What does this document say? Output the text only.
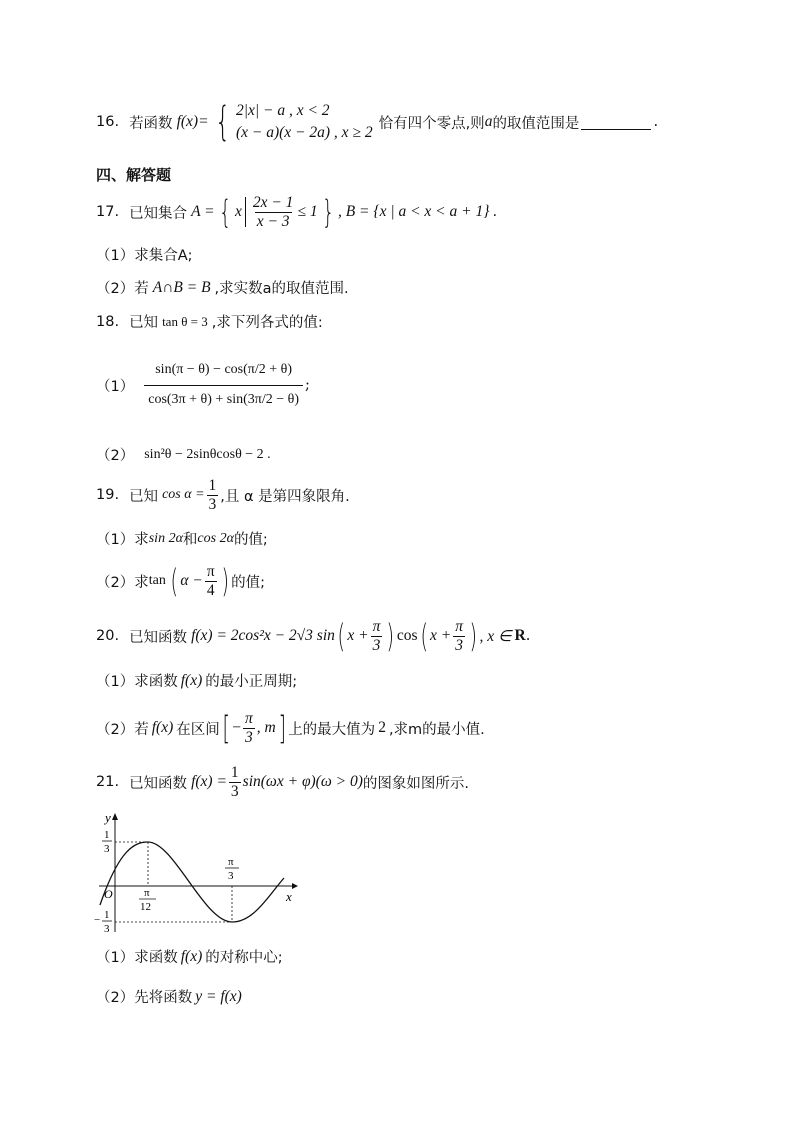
16. 若函数 f(x)= { 2|x| − a , x < 2
(x − a)(x − 2a) , x ≥ 2
恰有四个零点,则 a 的取值范围是	.
四、解答题
17. 已知集合 A = { x $\frac{2x - 1}{x - 3} \le 1$ } , B = {x | a < x < a + 1} .
（1）求集合A;
（2）若 A∩B = B ,求实数a的取值范围.
18. 已知 tan θ = 3 ,求下列各式的值:
$(1) \frac{\sin(\pi - \theta) - \cos(\pi/2 + \theta)}{\cos(3\pi + \theta) + \sin(3\pi/2 - \theta)}$ ;
（2） sin²θ − 2sinθcosθ − 2 .
19. 已知 $\cos \alpha = \frac{1}{3}$ ,且 α 是第四象限角.
（1）求 sin 2α 和 cos 2α 的值;
（2）求 tan ( $\alpha - \frac{\pi}{4}$ ) 的值;
20. 已知函数 f(x) = 2cos²x − 2√3 sin ( $x + \frac{\pi}{3}$ ) cos ( $x + \frac{\pi}{3}$ ) , x ∈ R .
（1）求函数 f(x) 的最小正周期;
（2）若 f(x) 在区间 [ − $\frac{\pi}{3}$ , m ] 上的最大值为 2 ,求m的最小值.
21. 已知函数 $f(x) = \frac{1}{3} \sin(\omega x + \varphi)(\omega > 0)$ 的图象如图所示.
y
x
O
1
3
− 1
3
π
12
π
3
（1）求函数 f(x) 的对称中心;
（2）先将函数 y = f(x)
